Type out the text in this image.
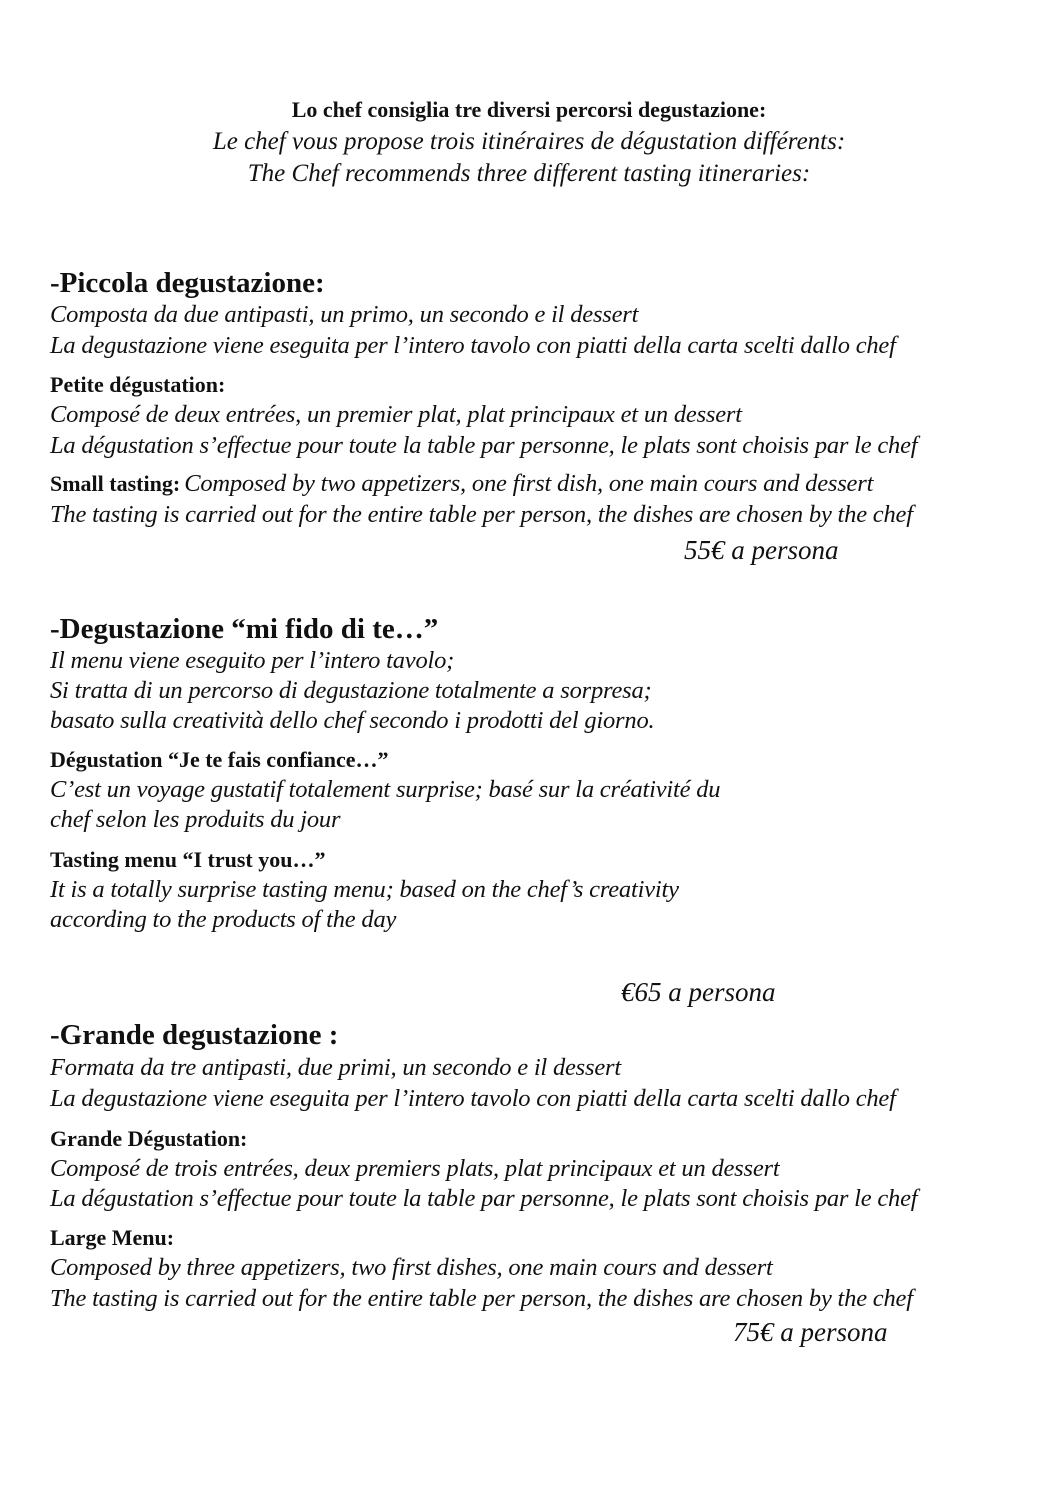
Lo chef consiglia tre diversi percorsi degustazione:
Le chef vous propose trois itinéraires de dégustation différents:
The Chef recommends three different tasting itineraries:
-Piccola degustazione:
Composta da due antipasti, un primo, un secondo e il dessert
La degustazione viene eseguita per l’intero tavolo con piatti della carta scelti dallo chef
Petite dégustation:
Composé de deux entrées, un premier plat, plat principaux et un dessert
La dégustation s’effectue pour toute la table par personne, le plats sont choisis par le chef
Small tasting: Composed by two appetizers, one first dish, one main cours and dessert
The tasting is carried out for the entire table per person, the dishes are chosen by the chef
55€ a persona
-Degustazione “mi fido di te…”
Il menu viene eseguito per l’intero tavolo;
Si tratta di un percorso di degustazione totalmente a sorpresa;
basato sulla creatività dello chef secondo i prodotti del giorno.
Dégustation “Je te fais confiance…”
C’est un voyage gustatif totalement surprise; basé sur la créativité du
chef selon les produits du jour
Tasting menu “I trust you…”
It is a totally surprise tasting menu; based on the chef’s creativity
according to the products of the day
€65 a persona
-Grande degustazione :
Formata da tre antipasti, due primi, un secondo e il dessert
La degustazione viene eseguita per l’intero tavolo con piatti della carta scelti dallo chef
Grande Dégustation:
Composé de trois entrées, deux premiers plats, plat principaux et un dessert
La dégustation s’effectue pour toute la table par personne, le plats sont choisis par le chef
Large Menu:
Composed by three appetizers, two first dishes, one main cours and dessert
The tasting is carried out for the entire table per person, the dishes are chosen by the chef
75€ a persona
